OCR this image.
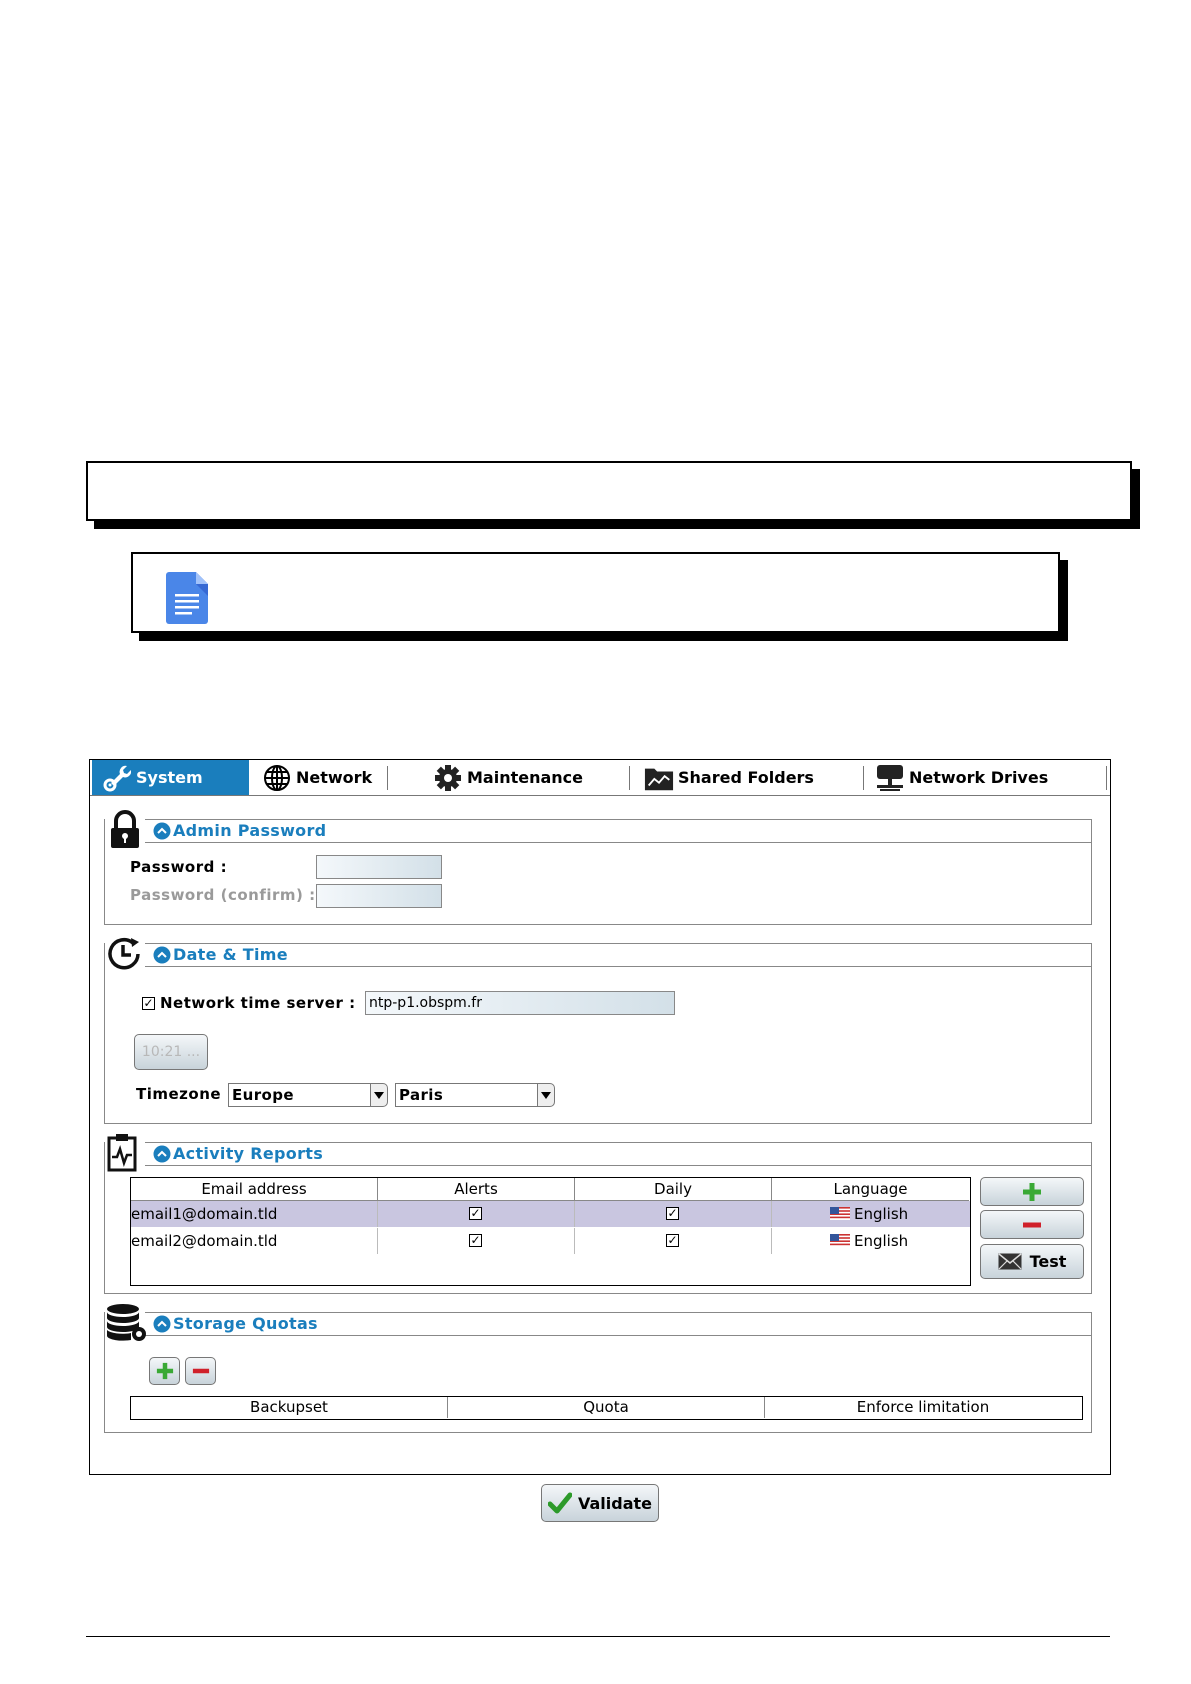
System	Network	Maintenance	Shared Folders	Network Drives
Admin Password
Password :
Password (confirm) :
Date & Time
✓ Network time server :
ntp-p1.obspm.fr
10:21 ...
Timezone Europe	Paris
Activity Reports
Email address	Alerts	Daily	Language
email1@domain.tld	✓	✓	English
email2@domain.tld	✓	✓	English
Test
Storage Quotas
Backupset	Quota	Enforce limitation
Validate
